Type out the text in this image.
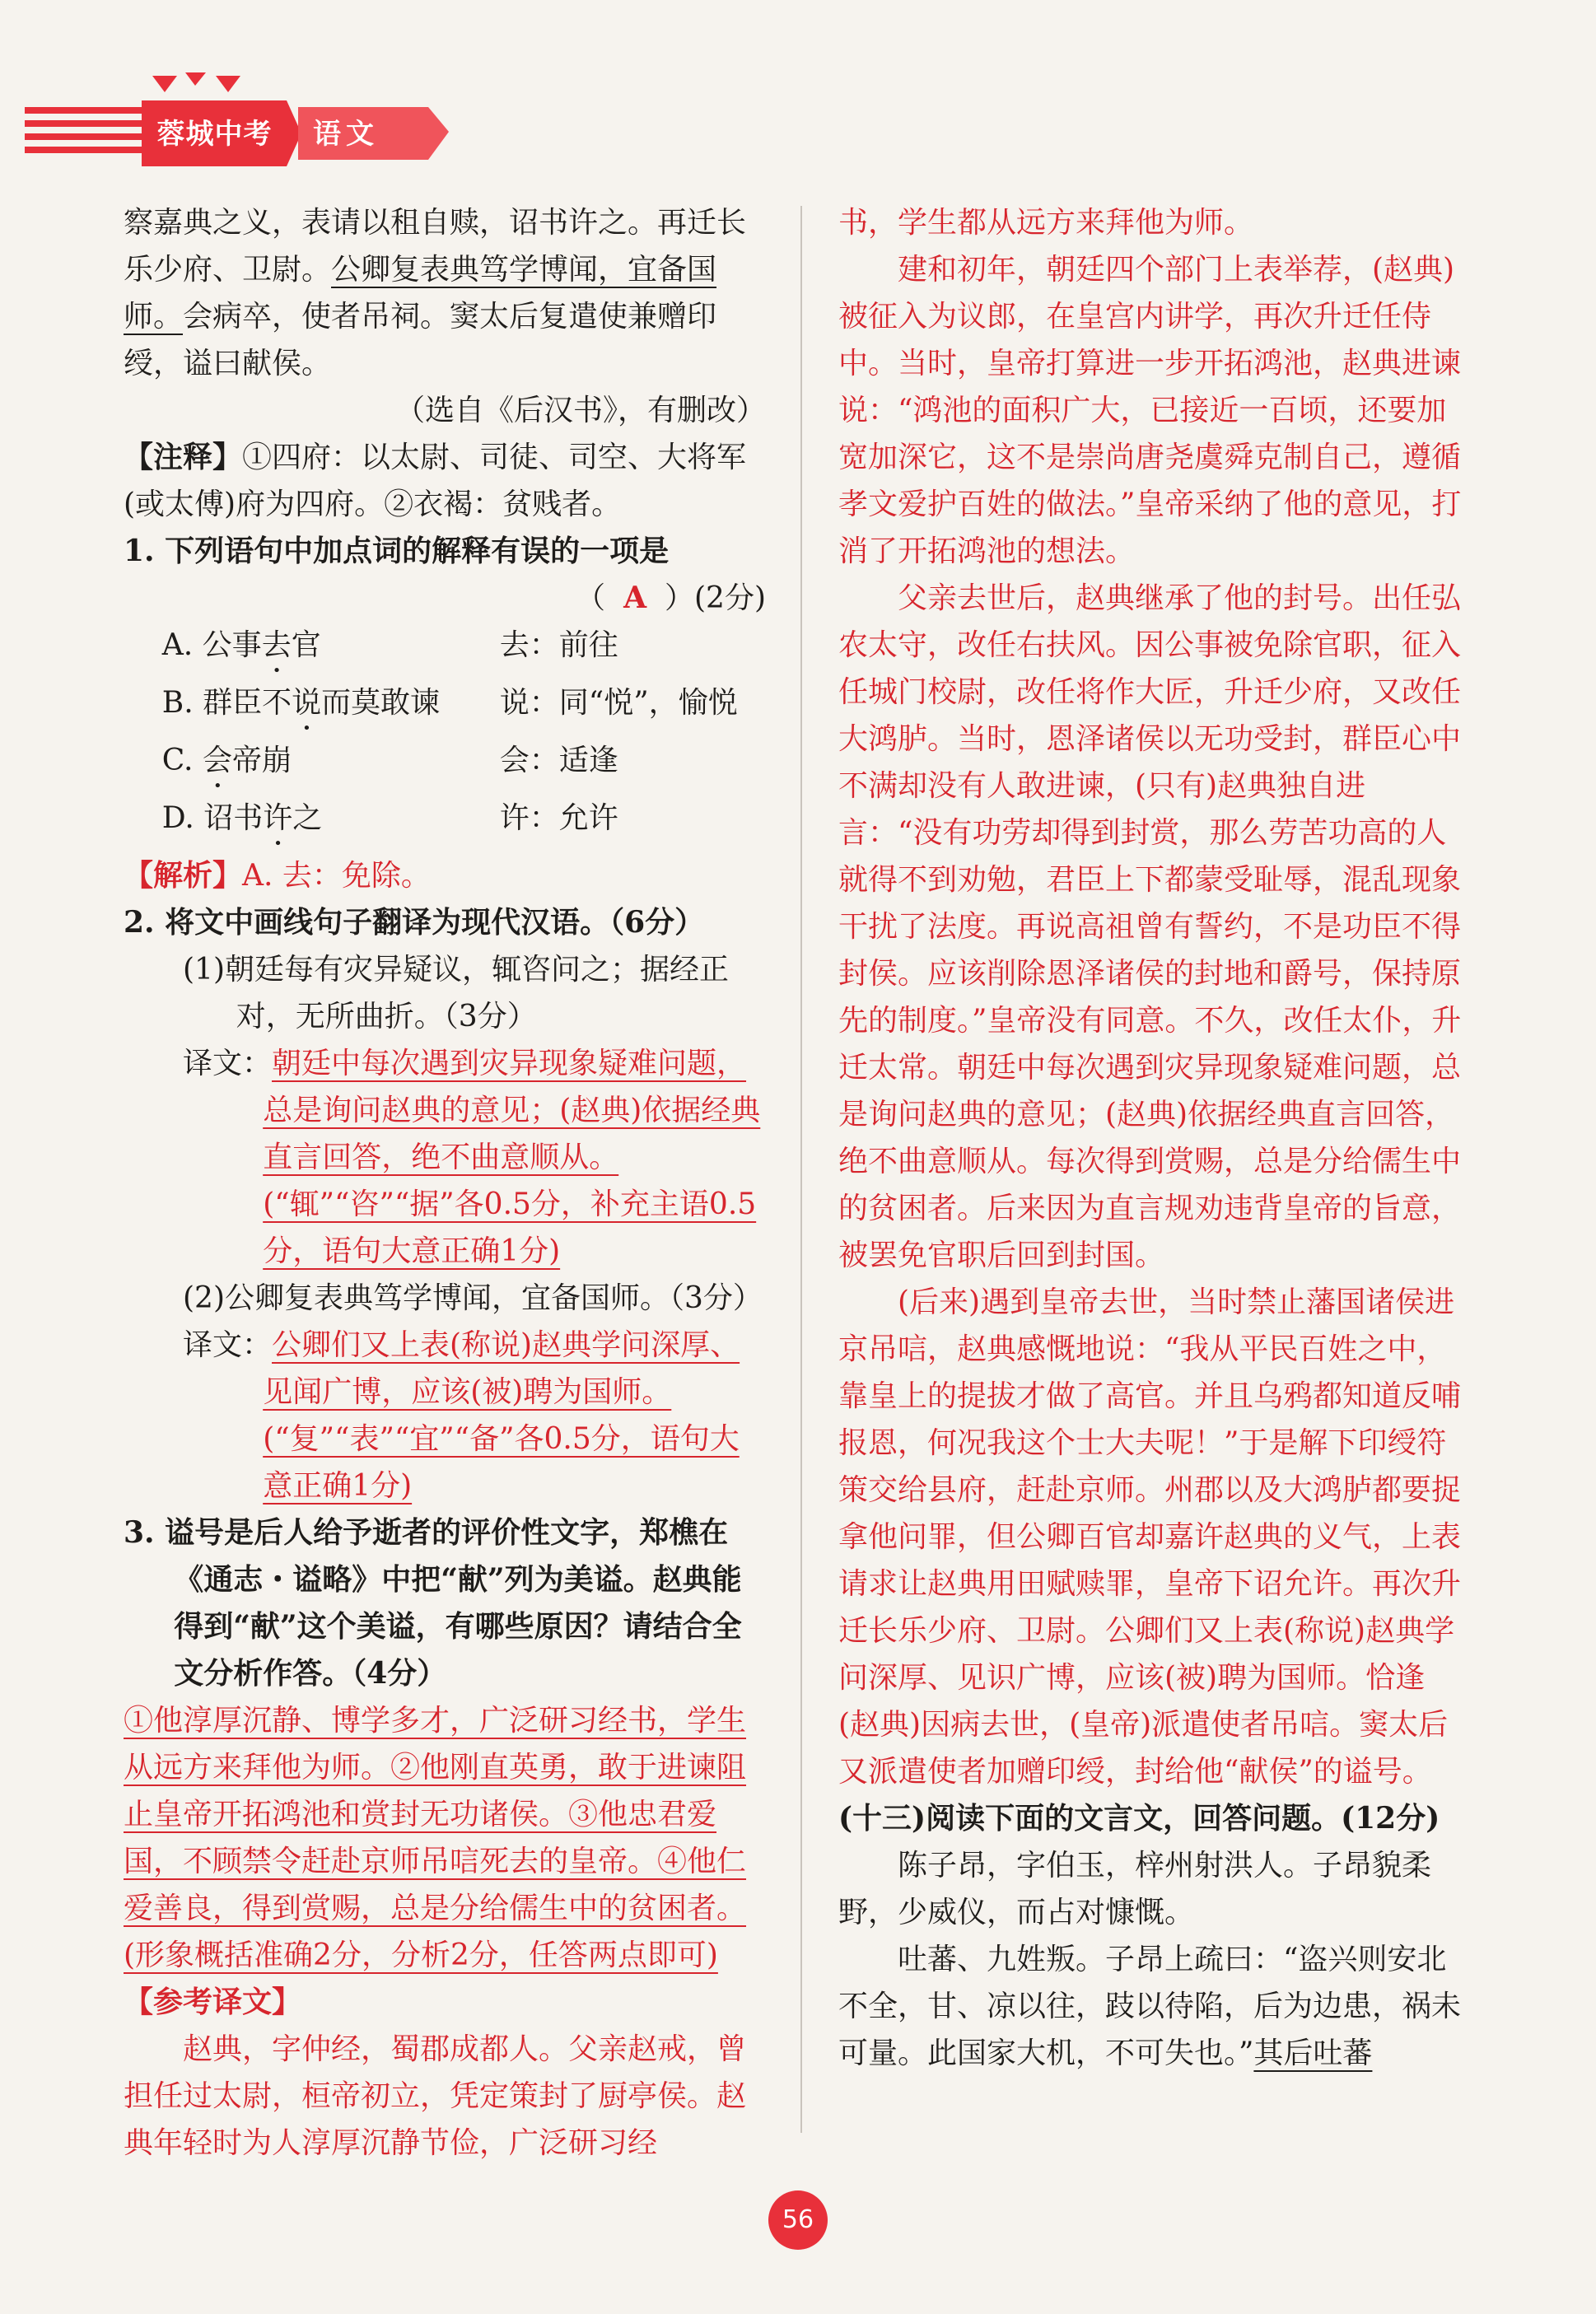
蓉城中考	语文

察嘉典之义，表请以租自赎，诏书许之。再迁长乐少府、卫尉。公卿复表典笃学博闻，宜备国师。会病卒，使者吊祠。窦太后复遣使兼赠印绶，谥曰献侯。

（选自《后汉书》，有删改）

【注释】①四府：以太尉、司徒、司空、大将军(或太傅)府为四府。②衣褐：贫贱者。

1. 下列语句中加点词的解释有误的一项是

（ A ）(2分)
A. 公事去官	去：前往
B. 群臣不说而莫敢谏	说：同“悦”，愉悦
C. 会帝崩	会：适逢
D. 诏书许之	许：允许

【解析】A. 去：免除。

2. 将文中画线句子翻译为现代汉语。（6分）

(1)朝廷每有灾异疑议，辄咨问之；据经正对，无所曲折。（3分）

译文：朝廷中每次遇到灾异现象疑难问题，总是询问赵典的意见；(赵典)依据经典直言回答，绝不曲意顺从。(“辄”“咨”“据”各0.5分，补充主语0.5分，语句大意正确1分)

(2)公卿复表典笃学博闻，宜备国师。（3分）

译文：公卿们又上表(称说)赵典学问深厚、见闻广博，应该(被)聘为国师。(“复”“表”“宜”“备”各0.5分，语句大意正确1分)

3. 谥号是后人给予逝者的评价性文字，郑樵在《通志・谥略》中把“献”列为美谥。赵典能得到“献”这个美谥，有哪些原因？请结合全文分析作答。（4分）

①他淳厚沉静、博学多才，广泛研习经书，学生从远方来拜他为师。②他刚直英勇，敢于进谏阻止皇帝开拓鸿池和赏封无功诸侯。③他忠君爱国，不顾禁令赶赴京师吊唁死去的皇帝。④他仁爱善良，得到赏赐，总是分给儒生中的贫困者。(形象概括准确2分，分析2分，任答两点即可)

【参考译文】

赵典，字仲经，蜀郡成都人。父亲赵戒，曾担任过太尉，桓帝初立，凭定策封了厨亭侯。赵典年轻时为人淳厚沉静节俭，广泛研习经

书，学生都从远方来拜他为师。

建和初年，朝廷四个部门上表举荐，(赵典)被征入为议郎，在皇宫内讲学，再次升迁任侍中。当时，皇帝打算进一步开拓鸿池，赵典进谏说：“鸿池的面积广大，已接近一百顷，还要加宽加深它，这不是崇尚唐尧虞舜克制自己，遵循孝文爱护百姓的做法。”皇帝采纳了他的意见，打消了开拓鸿池的想法。

父亲去世后，赵典继承了他的封号。出任弘农太守，改任右扶风。因公事被免除官职，征入任城门校尉，改任将作大匠，升迁少府，又改任大鸿胪。当时，恩泽诸侯以无功受封，群臣心中不满却没有人敢进谏，(只有)赵典独自进言：“没有功劳却得到封赏，那么劳苦功高的人就得不到劝勉，君臣上下都蒙受耻辱，混乱现象干扰了法度。再说高祖曾有誓约，不是功臣不得封侯。应该削除恩泽诸侯的封地和爵号，保持原先的制度。”皇帝没有同意。不久，改任太仆，升迁太常。朝廷中每次遇到灾异现象疑难问题，总是询问赵典的意见；(赵典)依据经典直言回答，绝不曲意顺从。每次得到赏赐，总是分给儒生中的贫困者。后来因为直言规劝违背皇帝的旨意，被罢免官职后回到封国。

(后来)遇到皇帝去世，当时禁止藩国诸侯进京吊唁，赵典感慨地说：“我从平民百姓之中，靠皇上的提拔才做了高官。并且乌鸦都知道反哺报恩，何况我这个士大夫呢！”于是解下印绶符策交给县府，赶赴京师。州郡以及大鸿胪都要捉拿他问罪，但公卿百官却嘉许赵典的义气，上表请求让赵典用田赋赎罪，皇帝下诏允许。再次升迁长乐少府、卫尉。公卿们又上表(称说)赵典学问深厚、见识广博，应该(被)聘为国师。恰逢(赵典)因病去世，(皇帝)派遣使者吊唁。窦太后又派遣使者加赠印绶，封给他“献侯”的谥号。

(十三)阅读下面的文言文，回答问题。(12分)

陈子昂，字伯玉，梓州射洪人。子昂貌柔野，少威仪，而占对慷慨。

吐蕃、九姓叛。子昂上疏曰：“盗兴则安北不全，甘、凉以往，跂以待陷，后为边患，祸未可量。此国家大机，不可失也。”其后吐蕃

56
